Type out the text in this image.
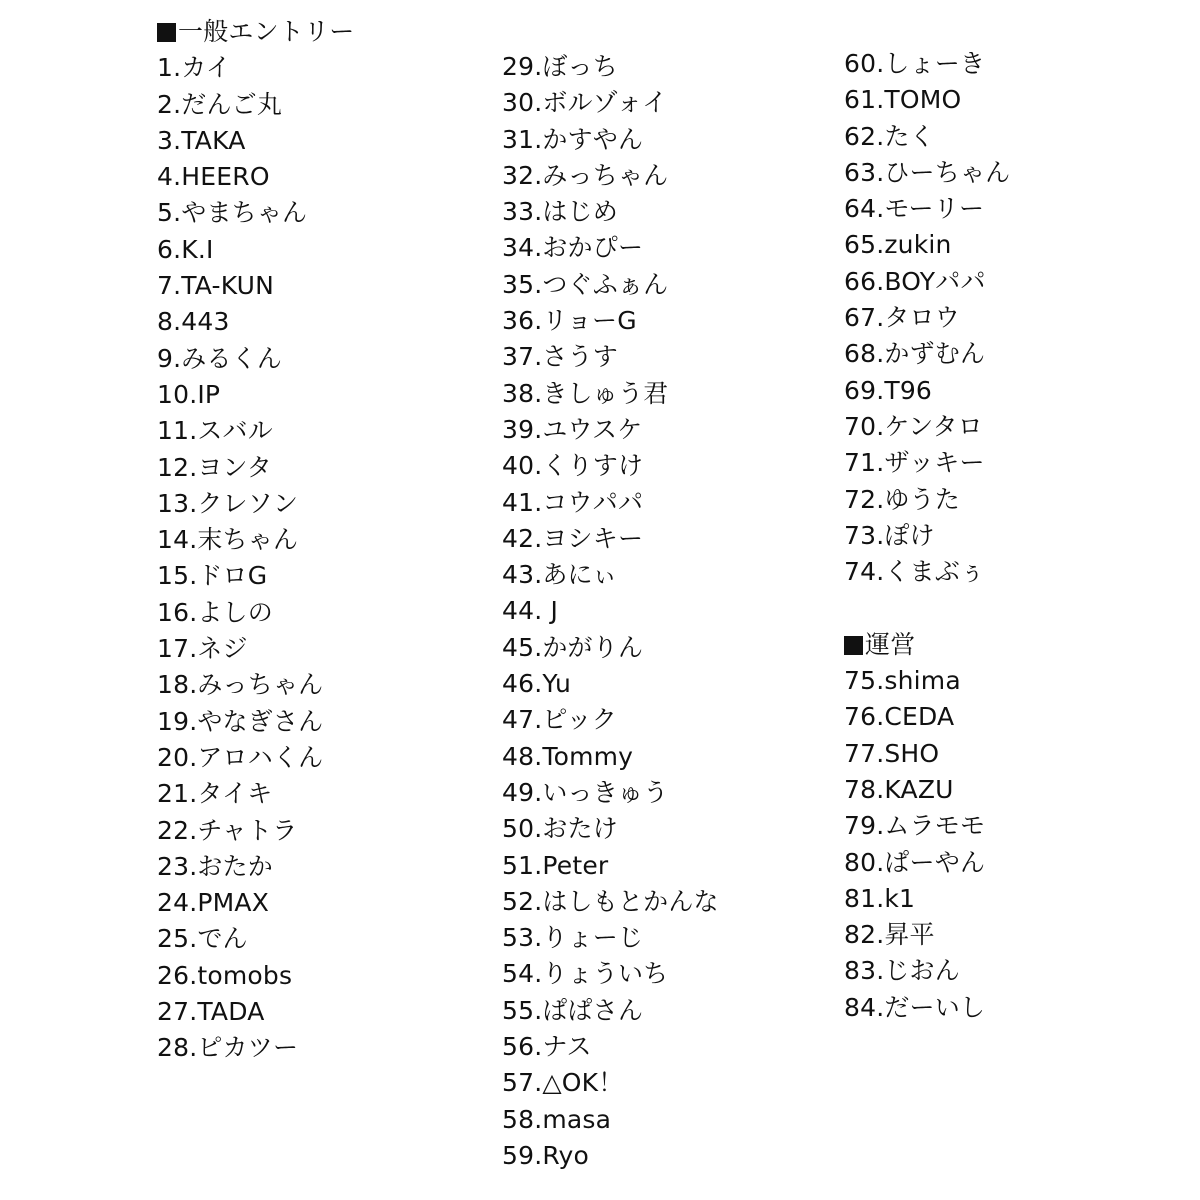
一般エントリー
1.カイ
2.だんご丸
3.TAKA
4.HEERO
5.やまちゃん
6.K.I
7.TA-KUN
8.443
9.みるくん
10.IP
11.スバル
12.ヨンタ
13.クレソン
14.末ちゃん
15.ドロG
16.よしの
17.ネジ
18.みっちゃん
19.やなぎさん
20.アロハくん
21.タイキ
22.チャトラ
23.おたか
24.PMAX
25.でん
26.tomobs
27.TADA
28.ピカツー
29.ぼっち
30.ボルゾォイ
31.かすやん
32.みっちゃん
33.はじめ
34.おかぴー
35.つぐふぁん
36.リョーG
37.さうす
38.きしゅう君
39.ユウスケ
40.くりすけ
41.コウパパ
42.ヨシキー
43.あにぃ
44. J
45.かがりん
46.Yu
47.ピック
48.Tommy
49.いっきゅう
50.おたけ
51.Peter
52.はしもとかんな
53.りょーじ
54.りょういち
55.ぱぱさん
56.ナス
57.△OK！
58.masa
59.Ryo
60.しょーき
61.TOMO
62.たく
63.ひーちゃん
64.モーリー
65.zukin
66.BOYパパ
67.タロウ
68.かずむん
69.T96
70.ケンタロ
71.ザッキー
72.ゆうた
73.ぽけ
74.くまぶぅ
運営
75.shima
76.CEDA
77.SHO
78.KAZU
79.ムラモモ
80.ぱーやん
81.k1
82.昇平
83.じおん
84.だーいし
